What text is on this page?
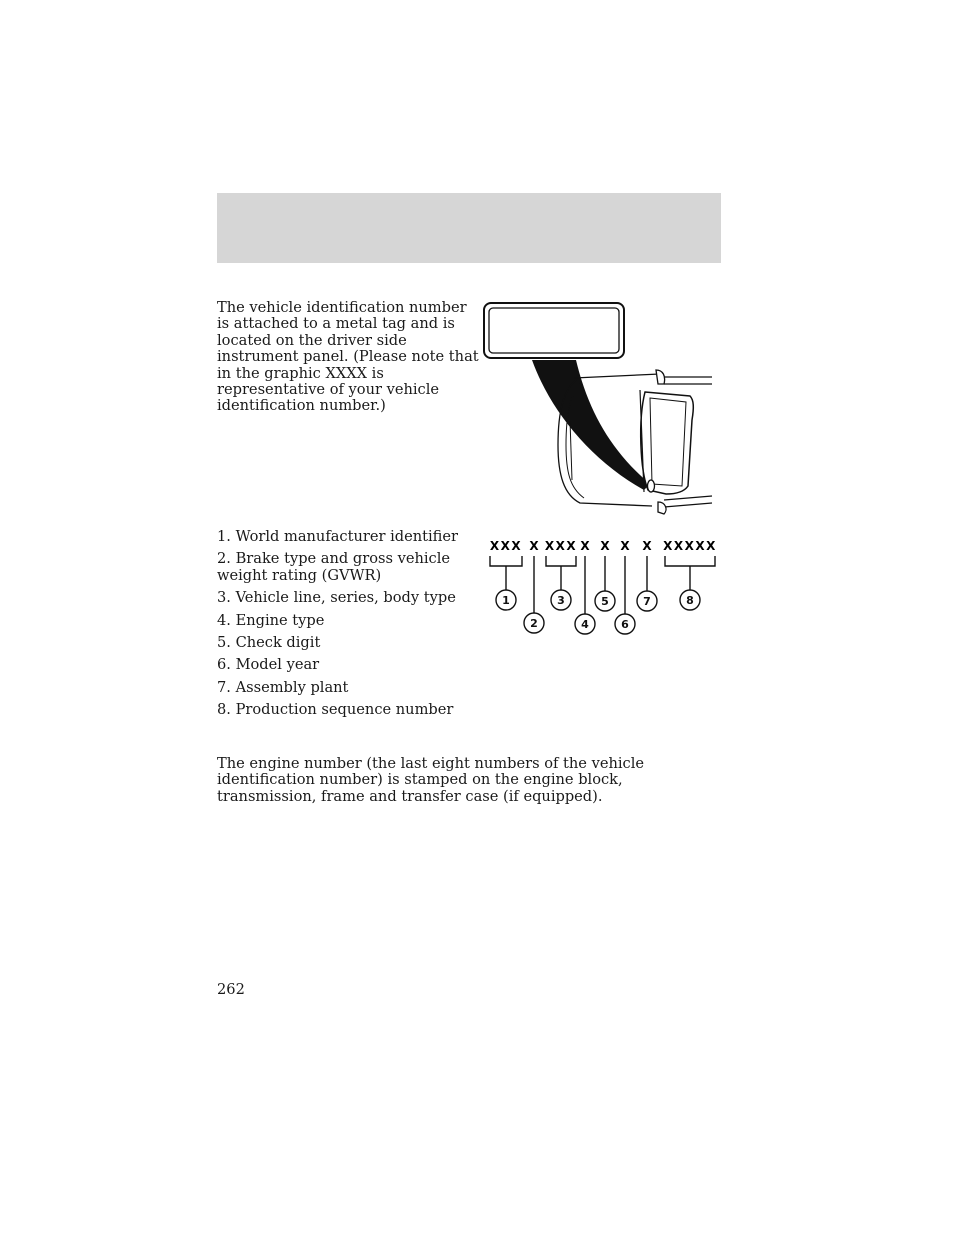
The vehicle identification number is attached to a metal tag and is located on the driver side instrument panel. (Please note that in the graphic XXXX is representative of your vehicle identification number.)

1. World manufacturer identifier
2. Brake type and gross vehicle weight rating (GVWR)
3. Vehicle line, series, body type
4. Engine type
5. Check digit
6. Model year
7. Assembly plant
8. Production sequence number
XXX X XXX X X X X XXXXX
1
2
3
4
5
6
7	8

The engine number (the last eight numbers of the vehicle identification number) is stamped on the engine block, transmission, frame and transfer case (if equipped).

262
